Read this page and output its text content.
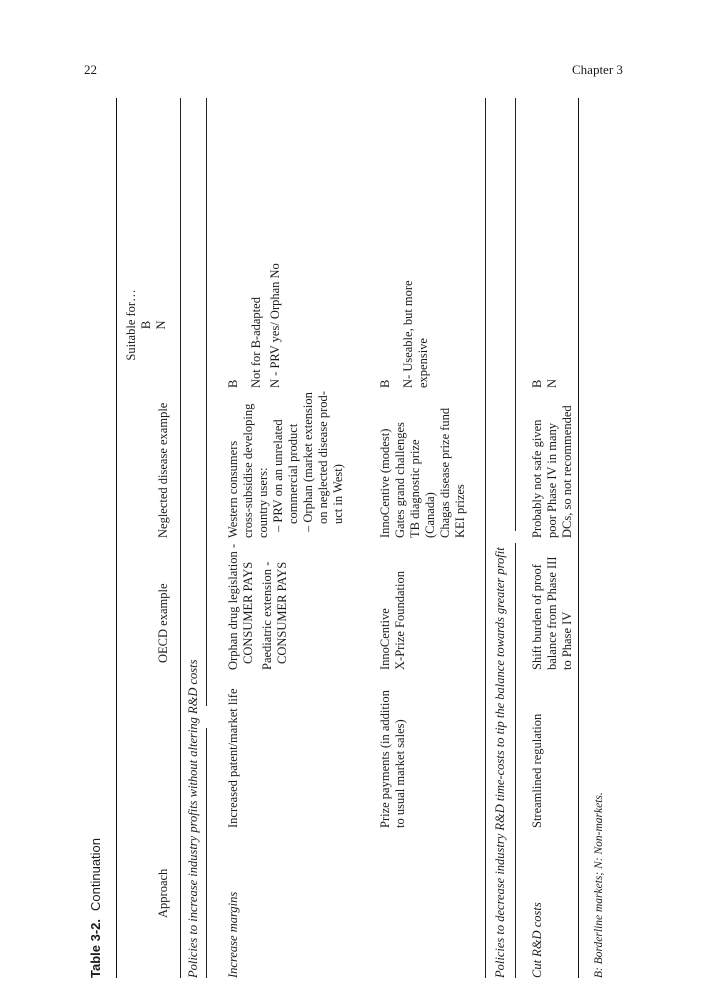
22	Chapter 3
Table 3-2.Continuation	Approach
OECD example
Neglected disease example
Suitable for… B N
Policies to increase industry profits without altering R&D costs Increase margins
Increased patent/market life
Orphan drug legislation - CONSUMER PAYS Paediatric extension - CONSUMER PAYS
Western consumers cross-subsidise developing country users: – PRV on an unrelated commercial product – Orphan (market extension on neglected disease prod- uct in West)
B Not for B-adapted N - PRV yes/ Orphan No
Prize payments (in addition to usual market sales)
InnoCentive X-Prize Foundation
InnoCentive (modest) Gates grand challenges TB diagnostic prize (Canada) Chagas disease prize fund KEI prizes
B N- Useable, but more expensive
Policies to decrease industry R&D time-costs to tip the balance towards greater profit Cut R&D costs
Streamlined regulation
Shift burden of proof balance from Phase III to Phase IV
Probably not safe given poor Phase IV in many DCs, so not recommended
B N
B: Borderline markets; N: Non-markets.
